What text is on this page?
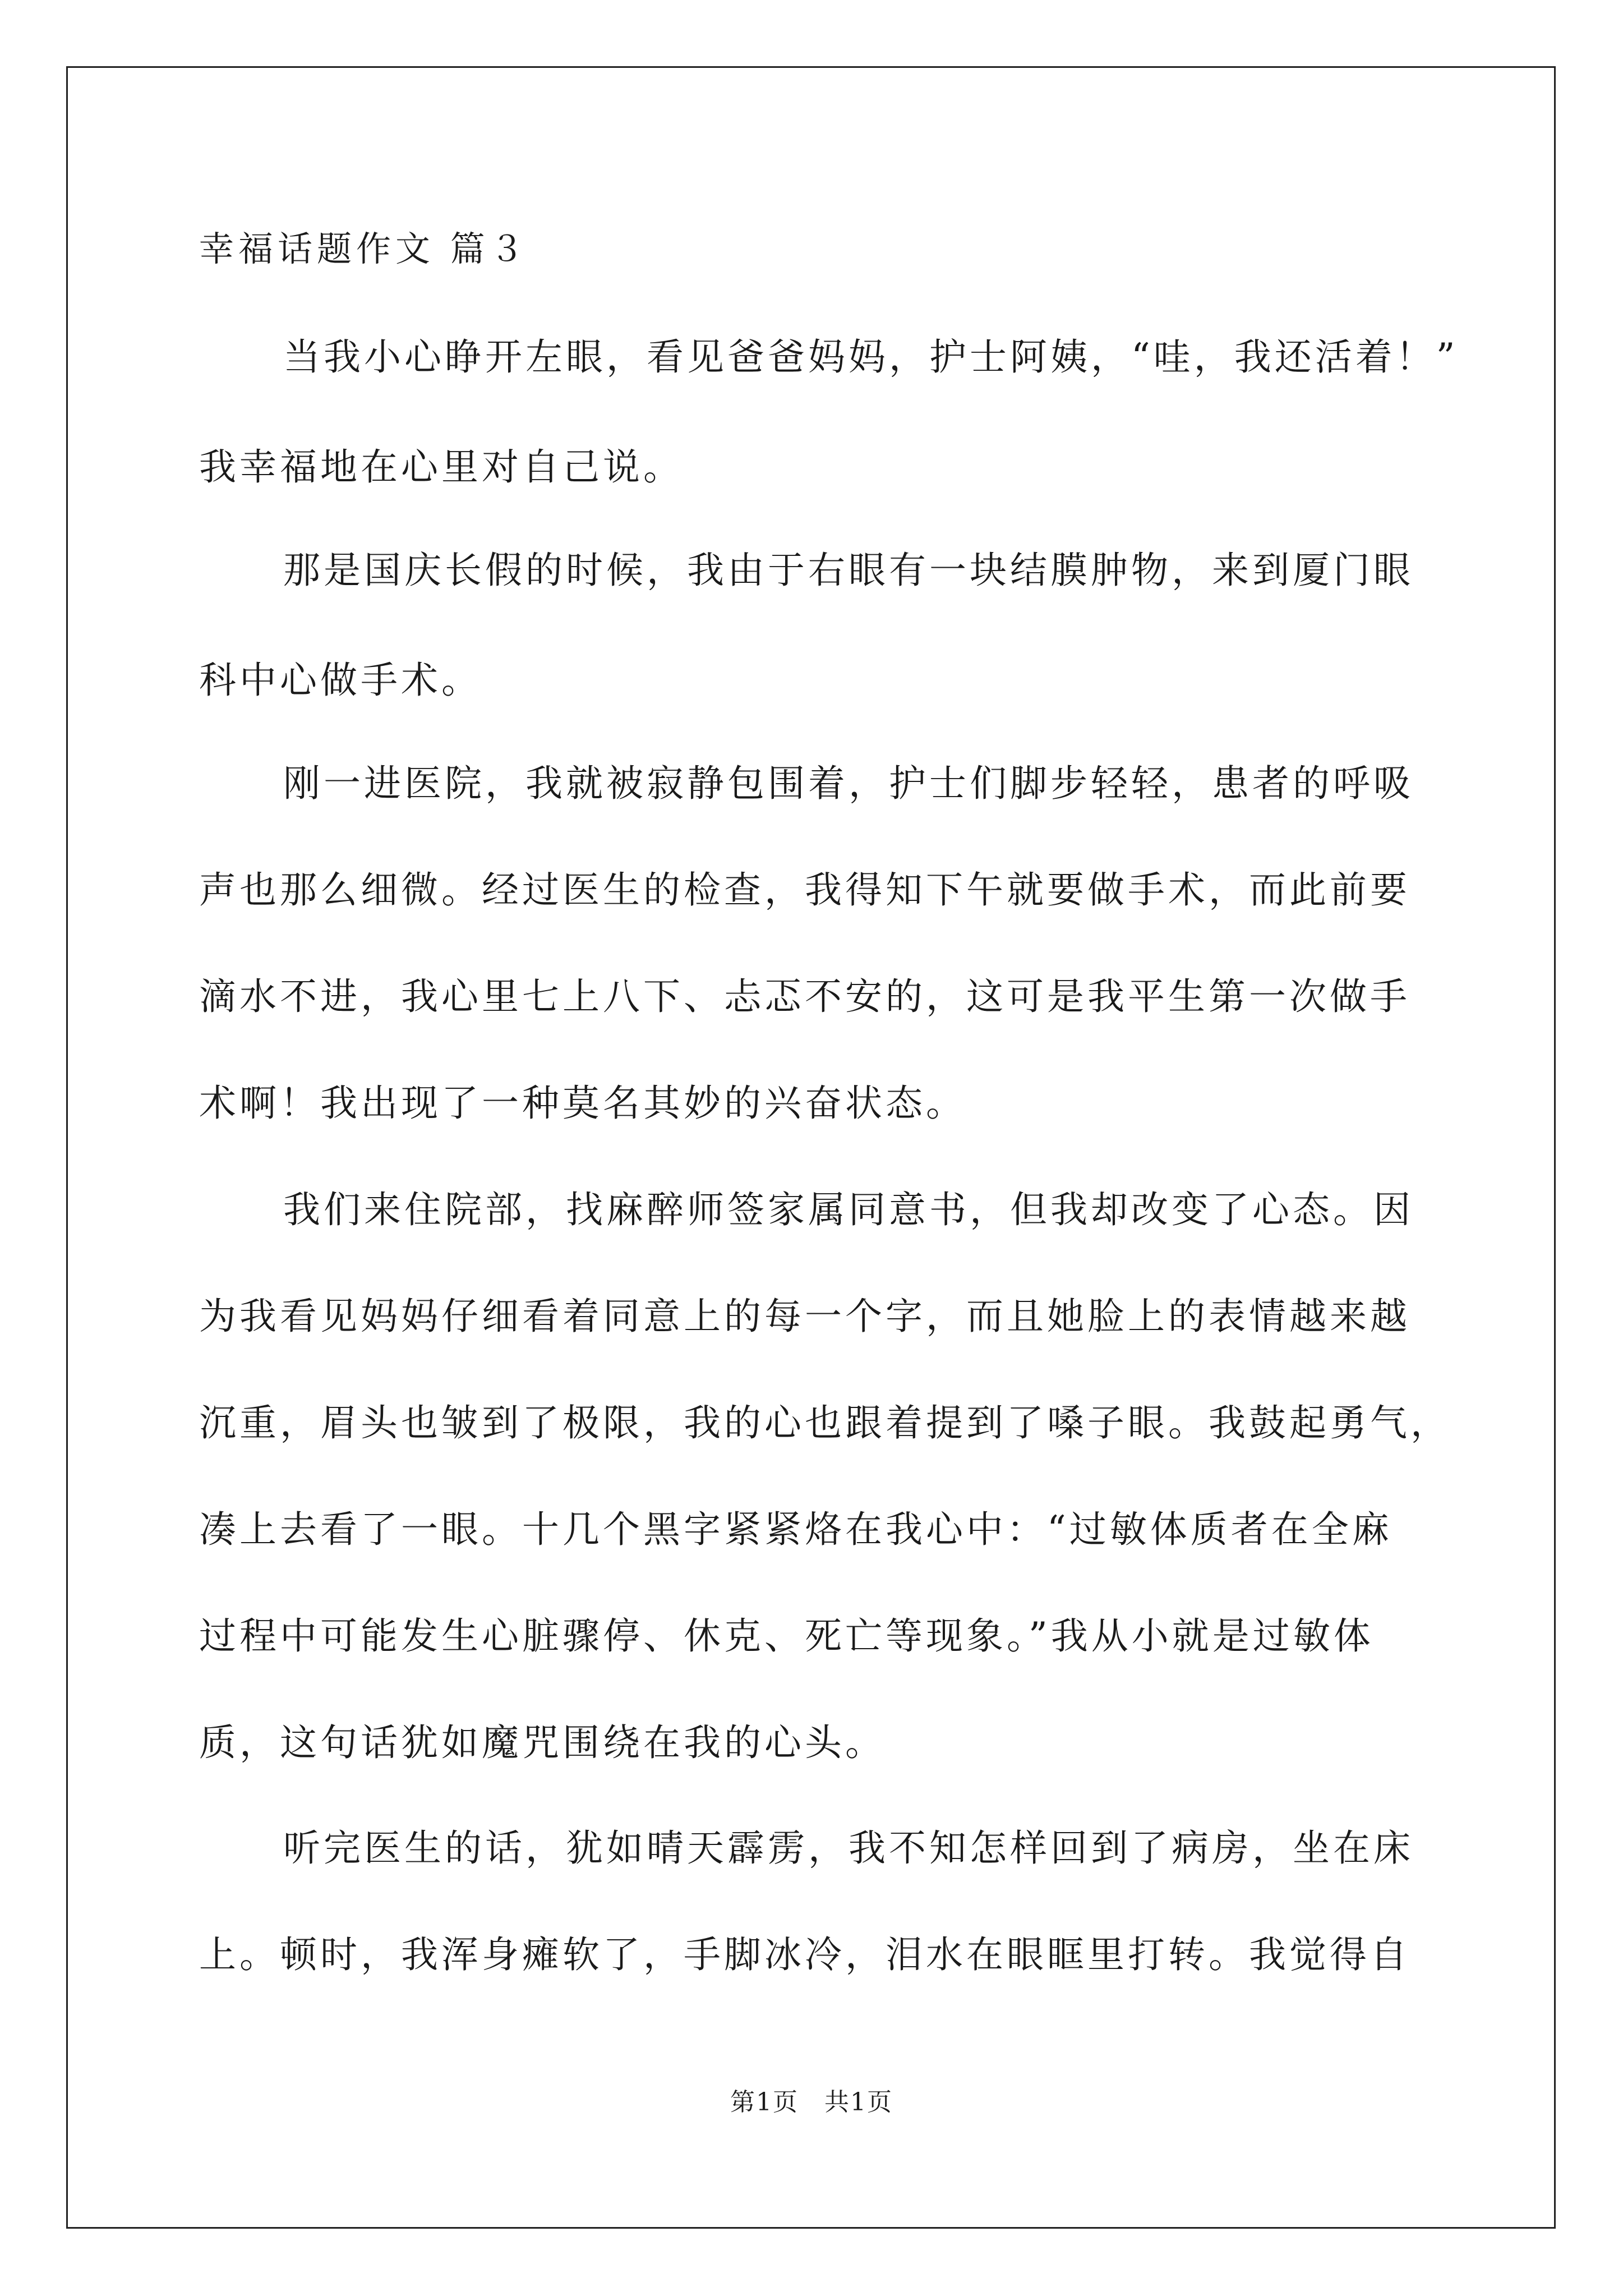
幸福话题作文 篇３

当我小心睁开左眼，看见爸爸妈妈，护士阿姨，“哇，我还活着！”

我幸福地在心里对自己说。

那是国庆长假的时候，我由于右眼有一块结膜肿物，来到厦门眼

科中心做手术。

刚一进医院，我就被寂静包围着，护士们脚步轻轻，患者的呼吸

声也那么细微。经过医生的检查，我得知下午就要做手术，而此前要

滴水不进，我心里七上八下、忐忑不安的，这可是我平生第一次做手

术啊！我出现了一种莫名其妙的兴奋状态。

我们来住院部，找麻醉师签家属同意书，但我却改变了心态。因

为我看见妈妈仔细看着同意上的每一个字，而且她脸上的表情越来越

沉重，眉头也皱到了极限，我的心也跟着提到了嗓子眼。我鼓起勇气，

凑上去看了一眼。十几个黑字紧紧烙在我心中：“过敏体质者在全麻

过程中可能发生心脏骤停、休克、死亡等现象。”我从小就是过敏体

质，这句话犹如魔咒围绕在我的心头。

听完医生的话，犹如晴天霹雳，我不知怎样回到了病房，坐在床

上。顿时，我浑身瘫软了，手脚冰冷，泪水在眼眶里打转。我觉得自

第1页　共1页
